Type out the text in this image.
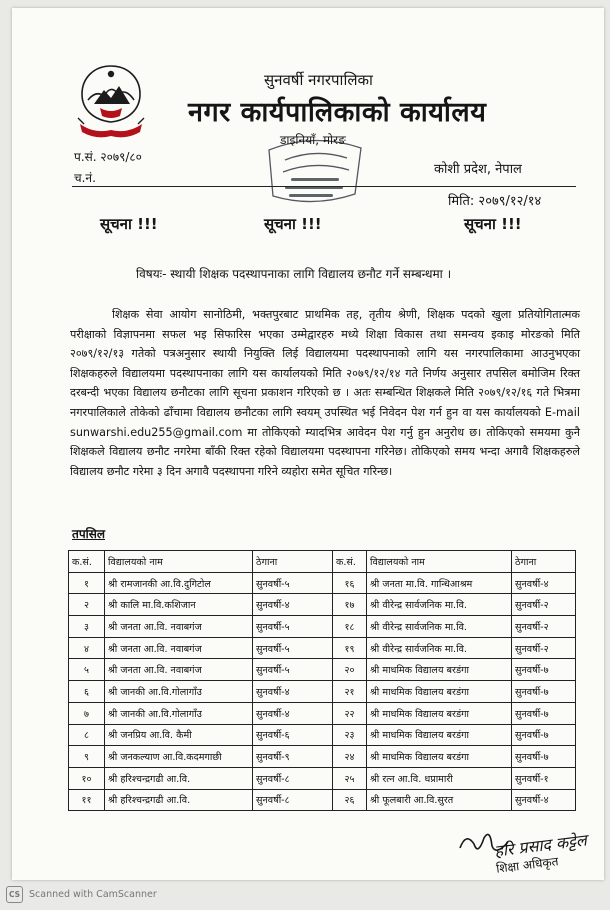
सुनवर्षी नगरपालिका
नगर कार्यपालिकाको कार्यालय
प.सं. २०७९/८०
च.नं.
डाइनियाँ, मोरङ
कोशी प्रदेश, नेपाल
मिति: २०७९/१२/१४
सूचना !!!	सूचना !!!	सूचना !!!
विषयः- स्थायी शिक्षक पदस्थापनाका लागि विद्यालय छनौट गर्ने सम्बन्धमा ।

शिक्षक सेवा आयोग सानोठिमी, भक्तपुरबाट प्राथमिक तह, तृतीय श्रेणी, शिक्षक पदको खुला प्रतियोगितात्मक परीक्षाको विज्ञापनमा सफल भइ सिफारिस भएका उम्मेद्वारहरु मध्ये शिक्षा विकास तथा समन्वय इकाइ मोरङको मिति २०७९/१२/१३ गतेको पत्रअनुसार स्थायी नियुक्ति लिई विद्यालयमा पदस्थापनाको लागि यस नगरपालिकामा आउनुभएका शिक्षकहरुले विद्यालयमा पदस्थापनाका लागि यस कार्यालयको मिति २०७९/१२/१४ गते निर्णय अनुसार तपसिल बमोजिम रिक्त दरबन्दी भएका विद्यालय छनौटका लागि सूचना प्रकाशन गरिएको छ । अतः सम्बन्धित शिक्षकले मिति २०७९/१२/१६ गते भित्रमा नगरपालिकाले तोकेको ढाँचामा विद्यालय छनौटका लागि स्वयम् उपस्थित भई निवेदन पेश गर्न हुन वा यस कार्यालयको E-mail sunwarshi.edu255@gmail.com मा तोकिएको म्यादभित्र आवेदन पेश गर्नु हुन अनुरोध छ। तोकिएको समयमा कुनै शिक्षकले विद्यालय छनौट नगरेमा बाँकी रिक्त रहेको विद्यालयमा पदस्थापना गरिनेछ। तोकिएको समय भन्दा अगावै शिक्षकहरुले विद्यालय छनौट गरेमा ३ दिन अगावै पदस्थापना गरिने व्यहोरा समेत सूचित गरिन्छ।

तपसिल
क.सं.	विद्यालयको नाम	ठेगाना	क.सं.	विद्यालयको नाम	ठेगाना
१	श्री रामजानकी आ.वि.दुगिटोल	सुनवर्षी-५	१६	श्री जनता मा.वि. गान्धिआश्रम	सुनवर्षी-४
२	श्री कालि मा.वि.कशिजान	सुनवर्षी-४	१७	श्री वीरेन्द्र सार्वजनिक मा.वि.	सुनवर्षी-२
३	श्री जनता आ.वि. नवाबगंज	सुनवर्षी-५	१८	श्री वीरेन्द्र सार्वजनिक मा.वि.	सुनवर्षी-२
४	श्री जनता आ.वि. नवाबगंज	सुनवर्षी-५	१९	श्री वीरेन्द्र सार्वजनिक मा.वि.	सुनवर्षी-२
५	श्री जनता आ.वि. नवाबगंज	सुनवर्षी-५	२०	श्री माधमिक विद्यालय बरडंगा	सुनवर्षी-७
६	श्री जानकी आ.वि.गोलागाँउ	सुनवर्षी-४	२१	श्री माधमिक विद्यालय बरडंगा	सुनवर्षी-७
७	श्री जानकी आ.वि.गोलागाँउ	सुनवर्षी-४	२२	श्री माधमिक विद्यालय बरडंगा	सुनवर्षी-७
८	श्री जनप्रिय आ.वि. कैमी	सुनवर्षी-६	२३	श्री माधमिक विद्यालय बरडंगा	सुनवर्षी-७
९	श्री जनकल्याण आ.वि.कदमगाछी	सुनवर्षी-९	२४	श्री माधमिक विद्यालय बरडंगा	सुनवर्षी-७
१०	श्री हरिश्चन्द्रगढी आ.वि.	सुनवर्षी-८	२५	श्री रत्न आ.वि. धप्रामारी	सुनवर्षी-१
११	श्री हरिश्चन्द्रगढी आ.वि.	सुनवर्षी-८	२६	श्री फूलबारी आ.वि.सुरत	सुनवर्षी-४
हरि प्रसाद कट्टेल
शिक्षा अधिकृत
CS Scanned with CamScanner
